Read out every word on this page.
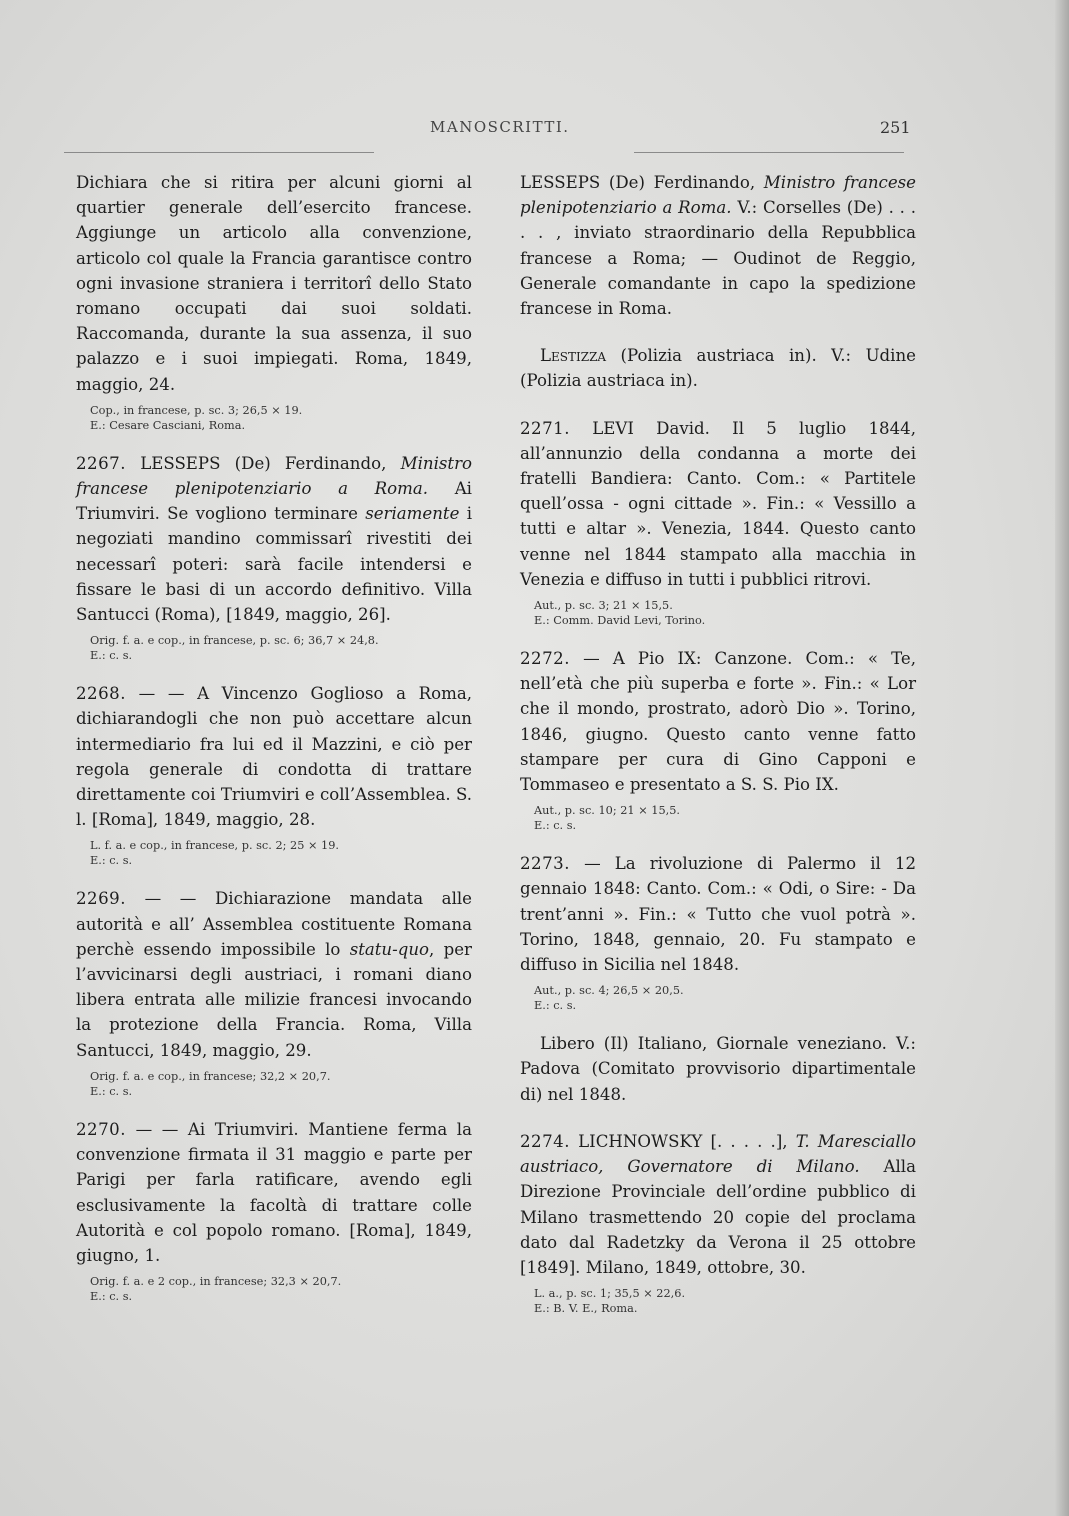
MANOSCRITTI.	251
Dichiara che si ritira per alcuni giorni al quartier generale dell’esercito francese. Aggiunge un articolo alla convenzione, articolo col quale la Francia garantisce contro ogni invasione straniera i territorî dello Stato romano occupati dai suoi soldati. Raccomanda, durante la sua assenza, il suo palazzo e i suoi impiegati. Roma, 1849, maggio, 24.
Cop., in francese, p. sc. 3; 26,5 × 19.
E.: Cesare Casciani, Roma.
2267. LESSEPS (De) Ferdinando, Ministro francese plenipotenziario a Roma. Ai Triumviri. Se vogliono terminare seriamente i negoziati mandino commissarî rivestiti dei necessarî poteri: sarà facile intendersi e fissare le basi di un accordo definitivo. Villa Santucci (Roma), [1849, maggio, 26].
Orig. f. a. e cop., in francese, p. sc. 6; 36,7 × 24,8.
E.: c. s.
2268. — — A Vincenzo Goglioso a Roma, dichiarandogli che non può accettare alcun intermediario fra lui ed il Mazzini, e ciò per regola generale di condotta di trattare direttamente coi Triumviri e coll’Assemblea. S. l. [Roma], 1849, maggio, 28.
L. f. a. e cop., in francese, p. sc. 2; 25 × 19.
E.: c. s.
2269. — — Dichiarazione mandata alle autorità e all’ Assemblea costituente Romana perchè essendo impossibile lo statu-quo, per l’avvicinarsi degli austriaci, i romani diano libera entrata alle milizie francesi invocando la protezione della Francia. Roma, Villa Santucci, 1849, maggio, 29.
Orig. f. a. e cop., in francese; 32,2 × 20,7.
E.: c. s.
2270. — — Ai Triumviri. Mantiene ferma la convenzione firmata il 31 maggio e parte per Parigi per farla ratificare, avendo egli esclusivamente la facoltà di trattare colle Autorità e col popolo romano. [Roma], 1849, giugno, 1.
Orig. f. a. e 2 cop., in francese; 32,3 × 20,7.
E.: c. s.
LESSEPS (De) Ferdinando, Ministro francese plenipotenziario a Roma. V.: Corselles (De) . . . . . , inviato straordinario della Repubblica francese a Roma; — Oudinot de Reggio, Generale comandante in capo la spedizione francese in Roma.
Lestizza (Polizia austriaca in). V.: Udine (Polizia austriaca in).
2271. LEVI David. Il 5 luglio 1844, all’annunzio della condanna a morte dei fratelli Bandiera: Canto. Com.: « Partitele quell’ossa - ogni cittade ». Fin.: « Vessillo a tutti e altar ». Venezia, 1844. Questo canto venne nel 1844 stampato alla macchia in Venezia e diffuso in tutti i pubblici ritrovi.
Aut., p. sc. 3; 21 × 15,5.
E.: Comm. David Levi, Torino.
2272. — A Pio IX: Canzone. Com.: « Te, nell’età che più superba e forte ». Fin.: « Lor che il mondo, prostrato, adorò Dio ». Torino, 1846, giugno. Questo canto venne fatto stampare per cura di Gino Capponi e Tommaseo e presentato a S. S. Pio IX.
Aut., p. sc. 10; 21 × 15,5.
E.: c. s.
2273. — La rivoluzione di Palermo il 12 gennaio 1848: Canto. Com.: « Odi, o Sire: - Da trent’anni ». Fin.: « Tutto che vuol potrà ». Torino, 1848, gennaio, 20. Fu stampato e diffuso in Sicilia nel 1848.
Aut., p. sc. 4; 26,5 × 20,5.
E.: c. s.
Libero (Il) Italiano, Giornale veneziano. V.: Padova (Comitato provvisorio dipartimentale di) nel 1848.
2274. LICHNOWSKY [. . . . .], T. Maresciallo austriaco, Governatore di Milano. Alla Direzione Provinciale dell’ordine pubblico di Milano trasmettendo 20 copie del proclama dato dal Radetzky da Verona il 25 ottobre [1849]. Milano, 1849, ottobre, 30.
L. a., p. sc. 1; 35,5 × 22,6.
E.: B. V. E., Roma.
